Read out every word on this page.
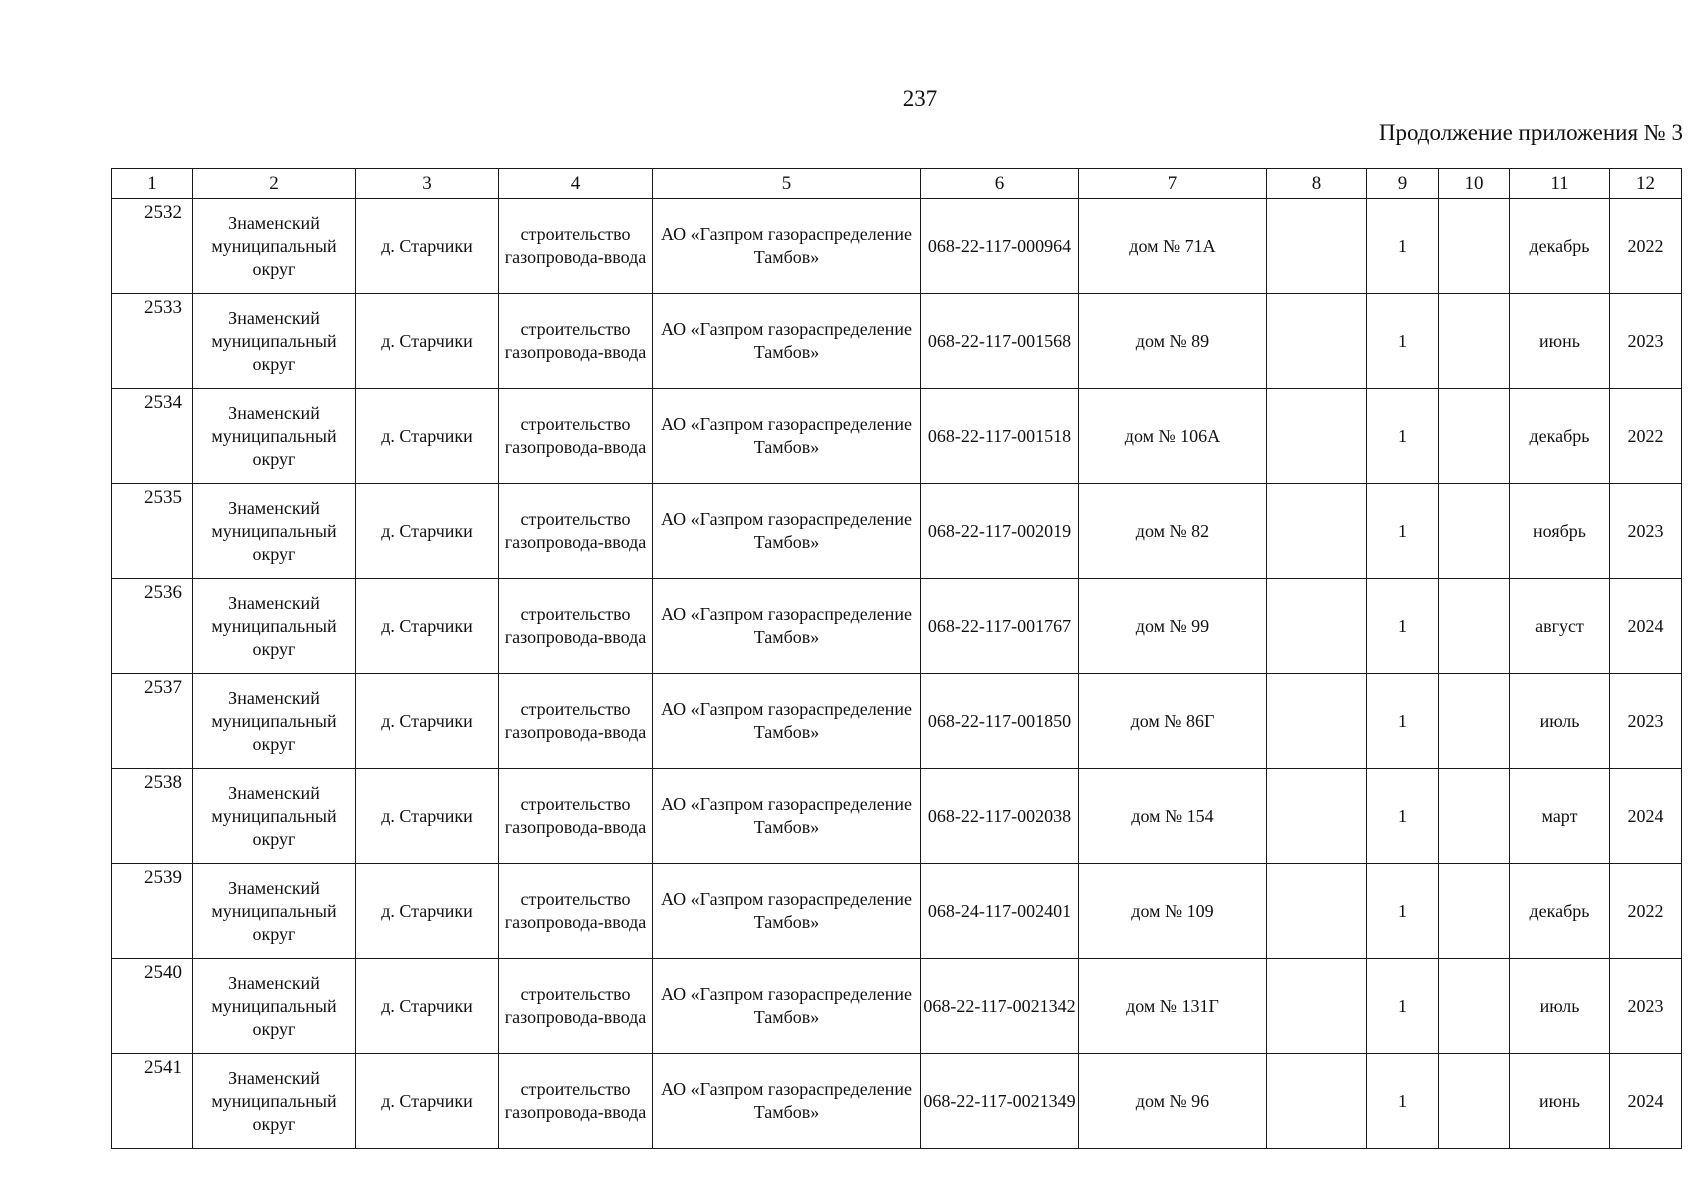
237
Продолжение приложения № 3
1	2	3	4	5	6	7	8	9	10	11	12
2532	Знаменский муниципальный округ	д. Старчики	строительство газопровода-ввода	АО «Газпром газораспределение Тамбов»	068-22-117-000964	дом № 71А		1		декабрь	2022
2533	Знаменский муниципальный округ	д. Старчики	строительство газопровода-ввода	АО «Газпром газораспределение Тамбов»	068-22-117-001568	дом № 89		1		июнь	2023
2534	Знаменский муниципальный округ	д. Старчики	строительство газопровода-ввода	АО «Газпром газораспределение Тамбов»	068-22-117-001518	дом № 106А		1		декабрь	2022
2535	Знаменский муниципальный округ	д. Старчики	строительство газопровода-ввода	АО «Газпром газораспределение Тамбов»	068-22-117-002019	дом № 82		1		ноябрь	2023
2536	Знаменский муниципальный округ	д. Старчики	строительство газопровода-ввода	АО «Газпром газораспределение Тамбов»	068-22-117-001767	дом № 99		1		август	2024
2537	Знаменский муниципальный округ	д. Старчики	строительство газопровода-ввода	АО «Газпром газораспределение Тамбов»	068-22-117-001850	дом № 86Г		1		июль	2023
2538	Знаменский муниципальный округ	д. Старчики	строительство газопровода-ввода	АО «Газпром газораспределение Тамбов»	068-22-117-002038	дом № 154		1		март	2024
2539	Знаменский муниципальный округ	д. Старчики	строительство газопровода-ввода	АО «Газпром газораспределение Тамбов»	068-24-117-002401	дом № 109		1		декабрь	2022
2540	Знаменский муниципальный округ	д. Старчики	строительство газопровода-ввода	АО «Газпром газораспределение Тамбов»	068-22-117-0021342	дом № 131Г		1		июль	2023
2541	Знаменский муниципальный округ	д. Старчики	строительство газопровода-ввода	АО «Газпром газораспределение Тамбов»	068-22-117-0021349	дом № 96		1		июнь	2024
